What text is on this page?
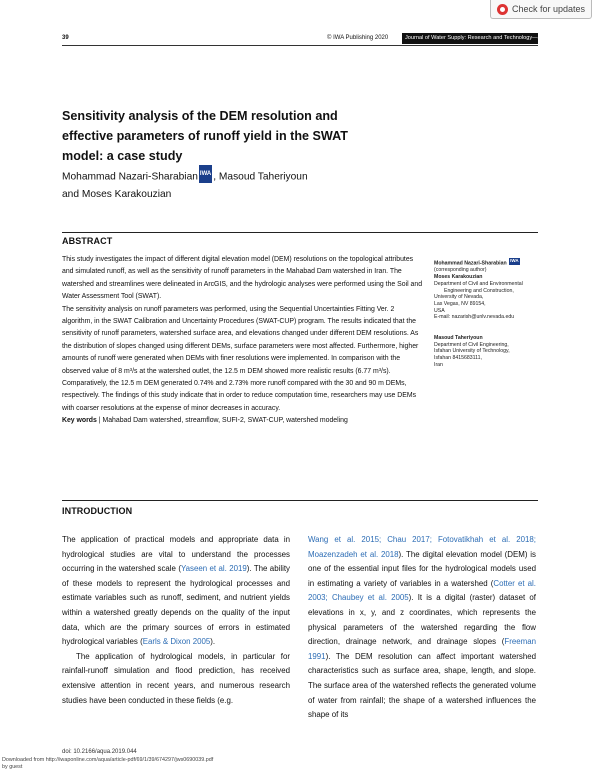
Check for updates
39	© IWA Publishing 2020	Journal of Water Supply: Research and Technology—AQUA | 69.1 | 2020
Sensitivity analysis of the DEM resolution and effective parameters of runoff yield in the SWAT model: a case study
Mohammad Nazari-Sharabian IWA , Masoud Taheriyoun
and Moses Karakouzian
ABSTRACT

This study investigates the impact of different digital elevation model (DEM) resolutions on the topological attributes and simulated runoff, as well as the sensitivity of runoff parameters in the Mahabad Dam watershed in Iran. The watershed and streamlines were delineated in ArcGIS, and the hydrologic analyses were performed using the Soil and Water Assessment Tool (SWAT).

The sensitivity analysis on runoff parameters was performed, using the Sequential Uncertainties Fitting Ver. 2 algorithm, in the SWAT Calibration and Uncertainty Procedures (SWAT-CUP) program. The results indicated that the sensitivity of runoff parameters, watershed surface area, and elevations changed under different DEM resolutions. As the distribution of slopes changed using different DEMs, surface parameters were most affected. Furthermore, higher amounts of runoff were generated when DEMs with finer resolutions were implemented. In comparison with the observed value of 8 m³/s at the watershed outlet, the 12.5 m DEM showed more realistic results (6.77 m³/s). Comparatively, the 12.5 m DEM generated 0.74% and 2.73% more runoff compared with the 30 and 90 m DEMs, respectively. The findings of this study indicate that in order to reduce computation time, researchers may use DEMs with coarser resolutions at the expense of minor decreases in accuracy.

Key words | Mahabad Dam watershed, streamflow, SUFI-2, SWAT-CUP, watershed modeling

Mohammad Nazari-Sharabian IWA
(corresponding author)
Moses Karakouzian
Department of Civil and Environmental
Engineering and Construction,
University of Nevada,
Las Vegas, NV 89154,
USA
E-mail: nazarish@unlv.nevada.edu
Masoud Taheriyoun
Department of Civil Engineering,
Isfahan University of Technology,
Isfahan 8415683111,
Iran
INTRODUCTION

The application of practical models and appropriate data in hydrological studies are vital to understand the processes occurring in the watershed scale (Yaseen et al. 2019). The ability of these models to represent the hydrological processes and estimate variables such as runoff, sediment, and nutrient yields within a watershed greatly depends on the quality of the input data, which are the primary sources of errors in estimated hydrological variables (Earls & Dixon 2005).

The application of hydrological models, in particular for rainfall-runoff simulation and flood prediction, has received extensive attention in recent years, and numerous research studies have been conducted in these fields (e.g.

Wang et al. 2015; Chau 2017; Fotovatikhah et al. 2018; Moazenzadeh et al. 2018). The digital elevation model (DEM) is one of the essential input files for the hydrological models used in estimating a variety of variables in a watershed (Cotter et al. 2003; Chaubey et al. 2005). It is a digital (raster) dataset of elevations in x, y, and z coordinates, which represents the physical parameters of the watershed regarding the flow direction, drainage network, and drainage slopes (Freeman 1991). The DEM resolution can affect important watershed characteristics such as surface area, shape, length, and slope. The surface area of the watershed reflects the generated volume of water from rainfall; the shape of a watershed influences the shape of its

doi: 10.2166/aqua.2019.044
Downloaded from http://iwaponline.com/aqua/article-pdf/69/1/39/674297/jws0690039.pdf
by guest
